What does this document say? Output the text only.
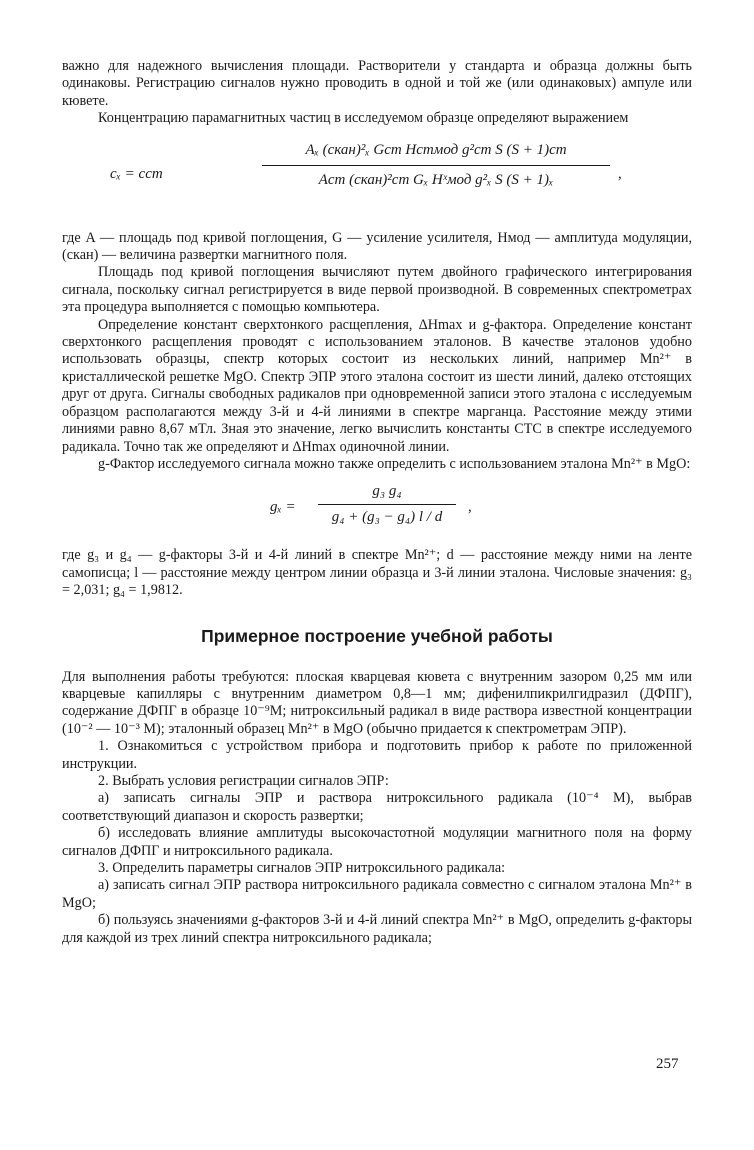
важно для надежного вычисления площади. Растворители у стандарта и образца должны быть одинаковы. Регистрацию сигналов нужно проводить в одной и той же (или одинаковых) ампуле или кювете.

Концентрацию парамагнитных частиц в исследуемом образце определяют выражением

cₓ = cст
Aₓ (скан)²ₓ Gст Hстмод g²ст S (S + 1)ст
Aст (скан)²ст Gₓ Hˣмод g²ₓ S (S + 1)ₓ	,

где A — площадь под кривой поглощения, G — усиление усилителя, Hмод — амплитуда модуляции, (скан) — величина развертки магнитного поля.

Площадь под кривой поглощения вычисляют путем двойного графического интегрирования сигнала, поскольку сигнал регистрируется в виде первой производной. В современных спектрометрах эта процедура выполняется с помощью компьютера.

Определение констант сверхтонкого расщепления, ΔHmax и g-фактора. Определение констант сверхтонкого расщепления проводят с использованием эталонов. В качестве эталонов удобно использовать образцы, спектр которых состоит из нескольких линий, например Mn²⁺ в кристаллической решетке MgO. Спектр ЭПР этого эталона состоит из шести линий, далеко отстоящих друг от друга. Сигналы свободных радикалов при одновременной записи этого эталона с исследуемым образцом располагаются между 3-й и 4-й линиями в спектре марганца. Расстояние между этими линиями равно 8,67 мТл. Зная это значение, легко вычислить константы СТС в спектре исследуемого радикала. Точно так же определяют и ΔHmax одиночной линии.

g-Фактор исследуемого сигнала можно также определить с использованием эталона Mn²⁺ в MgO:

$g_x = \frac{\text{g₃ g₄}}{\text{g₄ + (g₃ − g₄) l / d}}$ ,

где g₃ и g₄ — g-факторы 3-й и 4-й линий в спектре Mn²⁺; d — расстояние между ними на ленте самописца; l — расстояние между центром линии образца и 3-й линии эталона. Числовые значения: g₃ = 2,031; g₄ = 1,9812.

Примерное построение учебной работы

Для выполнения работы требуются: плоская кварцевая кювета с внутренним зазором 0,25 мм или кварцевые капилляры с внутренним диаметром 0,8—1 мм; дифенилпикрилгидразил (ДФПГ), содержание ДФПГ в образце 10⁻⁹М; нитроксильный радикал в виде раствора известной концентрации (10⁻² — 10⁻³ М); эталонный образец Mn²⁺ в MgO (обычно придается к спектрометрам ЭПР).

1. Ознакомиться с устройством прибора и подготовить прибор к работе по приложенной инструкции.

2. Выбрать условия регистрации сигналов ЭПР:

а) записать сигналы ЭПР и раствора нитроксильного радикала (10⁻⁴ М), выбрав соответствующий диапазон и скорость развертки;

б) исследовать влияние амплитуды высокочастотной модуляции магнитного поля на форму сигналов ДФПГ и нитроксильного радикала.

3. Определить параметры сигналов ЭПР нитроксильного радикала:

а) записать сигнал ЭПР раствора нитроксильного радикала совместно с сигналом эталона Mn²⁺ в MgO;

б) пользуясь значениями g-факторов 3-й и 4-й линий спектра Mn²⁺ в MgO, определить g-факторы для каждой из трех линий спектра нитроксильного радикала;

257
